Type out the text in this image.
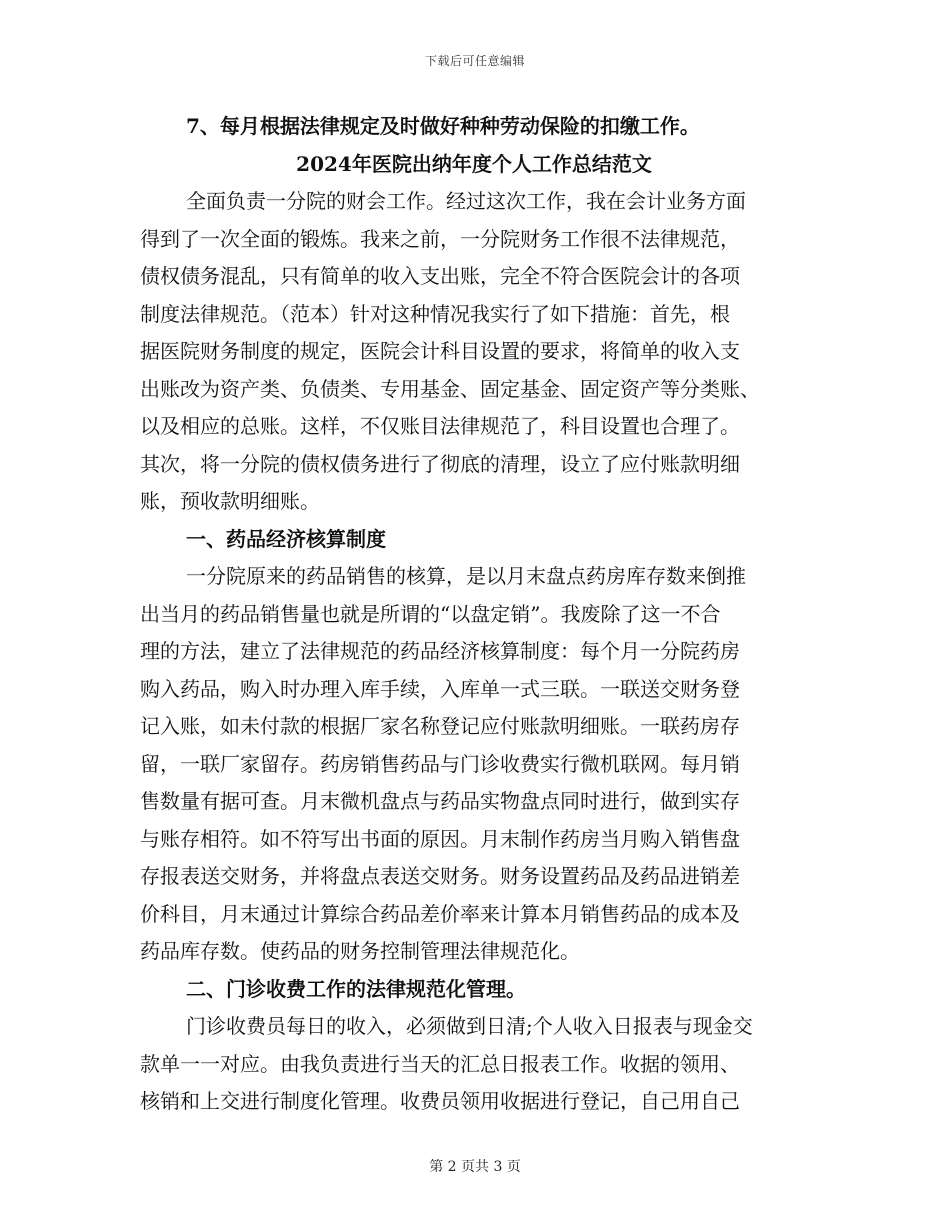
下载后可任意编辑
7、每月根据法律规定及时做好种种劳动保险的扣缴工作。
2024年医院出纳年度个人工作总结范文
全面负责一分院的财会工作。经过这次工作，我在会计业务方面
得到了一次全面的锻炼。我来之前，一分院财务工作很不法律规范，
债权债务混乱，只有简单的收入支出账，完全不符合医院会计的各项
制度法律规范。（范本）针对这种情况我实行了如下措施：首先，根
据医院财务制度的规定，医院会计科目设置的要求，将简单的收入支
出账改为资产类、负债类、专用基金、固定基金、固定资产等分类账、
以及相应的总账。这样，不仅账目法律规范了，科目设置也合理了。
其次，将一分院的债权债务进行了彻底的清理，设立了应付账款明细
账，预收款明细账。
一、药品经济核算制度
一分院原来的药品销售的核算，是以月末盘点药房库存数来倒推
出当月的药品销售量也就是所谓的“以盘定销”。我废除了这一不合
理的方法，建立了法律规范的药品经济核算制度：每个月一分院药房
购入药品，购入时办理入库手续，入库单一式三联。一联送交财务登
记入账，如未付款的根据厂家名称登记应付账款明细账。一联药房存
留，一联厂家留存。药房销售药品与门诊收费实行微机联网。每月销
售数量有据可查。月末微机盘点与药品实物盘点同时进行，做到实存
与账存相符。如不符写出书面的原因。月末制作药房当月购入销售盘
存报表送交财务，并将盘点表送交财务。财务设置药品及药品进销差
价科目，月末通过计算综合药品差价率来计算本月销售药品的成本及
药品库存数。使药品的财务控制管理法律规范化。
二、门诊收费工作的法律规范化管理。
门诊收费员每日的收入，必须做到日清;个人收入日报表与现金交
款单一一对应。由我负责进行当天的汇总日报表工作。收据的领用、
核销和上交进行制度化管理。收费员领用收据进行登记，自己用自己
第 2 页共 3 页
